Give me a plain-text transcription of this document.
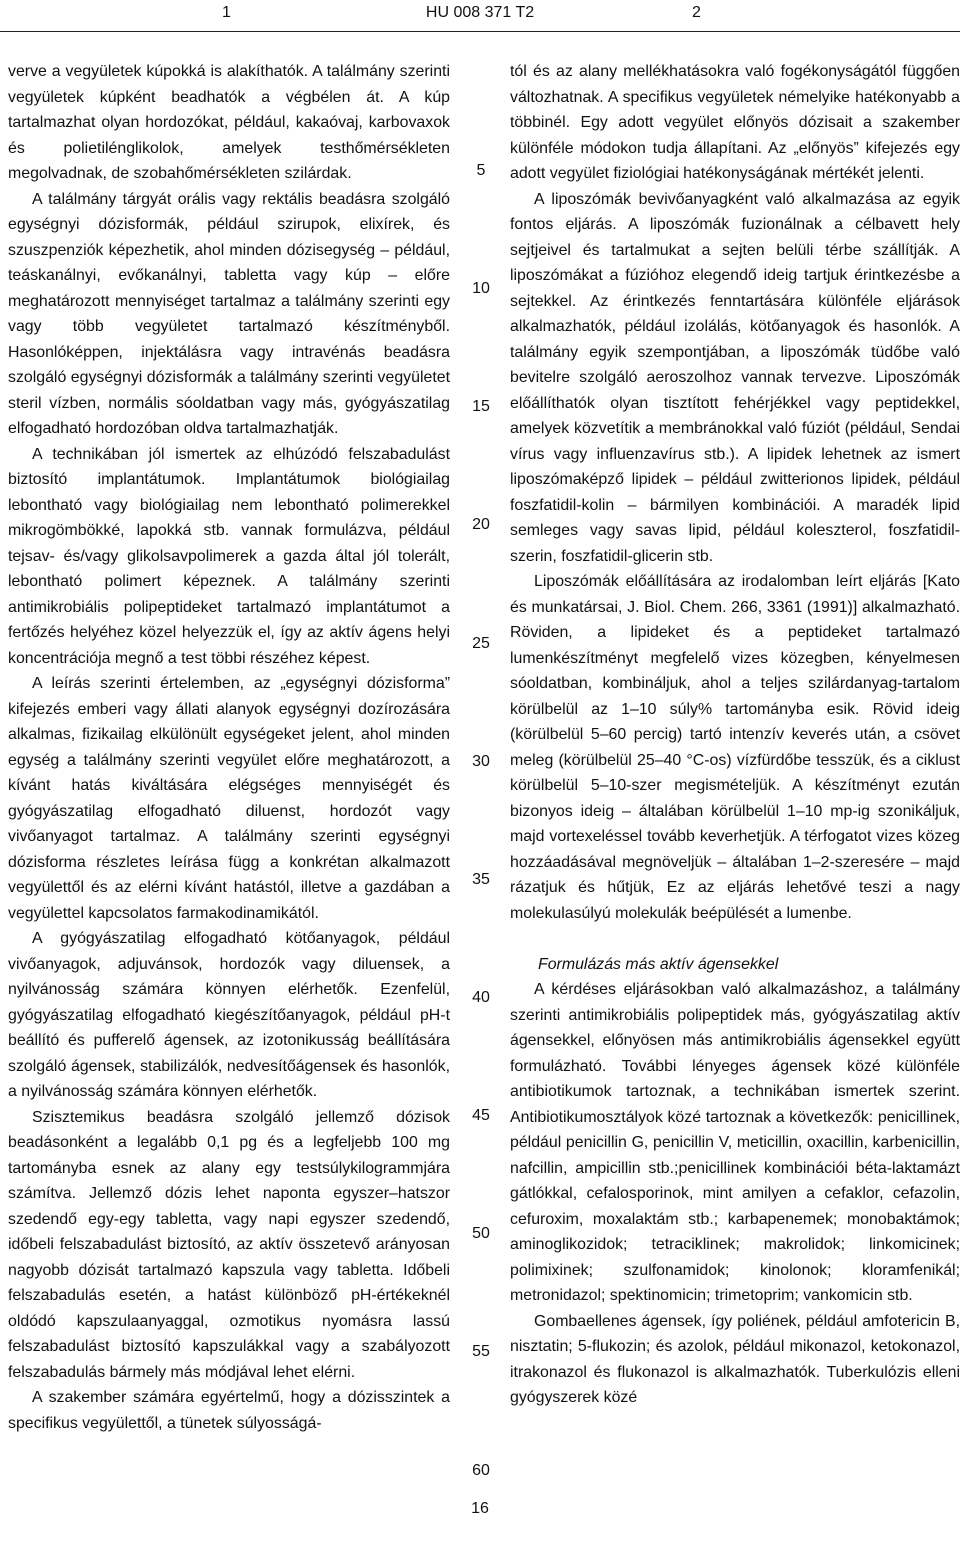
1	HU 008 371 T2	2

verve a vegyületek kúpokká is alakíthatók. A találmány szerinti vegyületek kúpként beadhatók a végbélen át. A kúp tartalmazhat olyan hordozókat, például, kakaóvaj, karbovaxok és polietilénglikolok, amelyek testhőmérsékleten megolvadnak, de szobahőmérsékleten szilárdak.

A találmány tárgyát orális vagy rektális beadásra szolgáló egységnyi dózisformák, például szirupok, elixírek, és szuszpenziók képezhetik, ahol minden dózisegység – például, teáskanálnyi, evőkanálnyi, tabletta vagy kúp – előre meghatározott mennyiséget tartalmaz a találmány szerinti egy vagy több vegyületet tartalmazó készítményből. Hasonlóképpen, injektálásra vagy intravénás beadásra szolgáló egységnyi dózisformák a találmány szerinti vegyületet steril vízben, normális sóoldatban vagy más, gyógyászatilag elfogadható hordozóban oldva tartalmazhatják.

A technikában jól ismertek az elhúzódó felszabadulást biztosító implantátumok. Implantátumok biológiailag lebontható vagy biológiailag nem lebontható polimerekkel mikrogömbökké, lapokká stb. vannak formulázva, például tejsav- és/vagy glikolsavpolimerek a gazda által jól tolerált, lebontható polimert képeznek. A találmány szerinti antimikrobiális polipeptideket tartalmazó implantátumot a fertőzés helyéhez közel helyezzük el, így az aktív ágens helyi koncentrációja megnő a test többi részéhez képest.

A leírás szerinti értelemben, az „egységnyi dózisforma” kifejezés emberi vagy állati alanyok egységnyi dozírozására alkalmas, fizikailag elkülönült egységeket jelent, ahol minden egység a találmány szerinti vegyület előre meghatározott, a kívánt hatás kiváltására elégséges mennyiségét és gyógyászatilag elfogadható diluenst, hordozót vagy vivőanyagot tartalmaz. A találmány szerinti egységnyi dózisforma részletes leírása függ a konkrétan alkalmazott vegyülettől és az elérni kívánt hatástól, illetve a gazdában a vegyülettel kapcsolatos farmakodinamikától.

A gyógyászatilag elfogadható kötőanyagok, például vivőanyagok, adjuvánsok, hordozók vagy diluensek, a nyilvánosság számára könnyen elérhetők. Ezenfelül, gyógyászatilag elfogadható kiegészítőanyagok, például pH-t beállító és pufferelő ágensek, az izotonikusság beállítására szolgáló ágensek, stabilizálók, nedvesítőágensek és hasonlók, a nyilvánosság számára könnyen elérhetők.

Szisztemikus beadásra szolgáló jellemző dózisok beadásonként a legalább 0,1 pg és a legfeljebb 100 mg tartományba esnek az alany egy testsúlykilogrammjára számítva. Jellemző dózis lehet naponta egyszer–hatszor szedendő egy-egy tabletta, vagy napi egyszer szedendő, időbeli felszabadulást biztosító, az aktív összetevő arányosan nagyobb dózisát tartalmazó kapszula vagy tabletta. Időbeli felszabadulás esetén, a hatást különböző pH-értékeknél oldódó kapszulaanyaggal, ozmotikus nyomásra lassú felszabadulást biztosító kapszulákkal vagy a szabályozott felszabadulás bármely más módjával lehet elérni.

A szakember számára egyértelmű, hogy a dózisszintek a specifikus vegyülettől, a tünetek súlyosságá-

5
10
15
20
25
30
35
40
45
50
55
60

tól és az alany mellékhatásokra való fogékonyságától függően változhatnak. A specifikus vegyületek némelyike hatékonyabb a többinél. Egy adott vegyület előnyös dózisait a szakember különféle módokon tudja állapítani. Az „előnyös” kifejezés egy adott vegyület fiziológiai hatékonyságának mértékét jelenti.

A liposzómák bevivőanyagként való alkalmazása az egyik fontos eljárás. A liposzómák fuzionálnak a célbavett hely sejtjeivel és tartalmukat a sejten belüli térbe szállítják. A liposzómákat a fúzióhoz elegendő ideig tartjuk érintkezésbe a sejtekkel. Az érintkezés fenntartására különféle eljárások alkalmazhatók, például izolálás, kötőanyagok és hasonlók. A találmány egyik szempontjában, a liposzómák tüdőbe való bevitelre szolgáló aeroszolhoz vannak tervezve. Liposzómák előállíthatók olyan tisztított fehérjékkel vagy peptidekkel, amelyek közvetítik a membránokkal való fúziót (például, Sendai vírus vagy influenzavírus stb.). A lipidek lehetnek az ismert liposzómaképző lipidek – például zwitterionos lipidek, például foszfatidil-kolin – bármilyen kombinációi. A maradék lipid semleges vagy savas lipid, például koleszterol, foszfatidil-szerin, foszfatidil-glicerin stb.

Liposzómák előállítására az irodalomban leírt eljárás [Kato és munkatársai, J. Biol. Chem. 266, 3361 (1991)] alkalmazható. Röviden, a lipideket és a peptideket tartalmazó lumenkészítményt megfelelő vizes közegben, kényelmesen sóoldatban, kombináljuk, ahol a teljes szilárdanyag-tartalom körülbelül az 1–10 súly% tartományba esik. Rövid ideig (körülbelül 5–60 percig) tartó intenzív keverés után, a csövet meleg (körülbelül 25–40 °C-os) vízfürdőbe tesszük, és a ciklust körülbelül 5–10-szer megismételjük. A készítményt ezután bizonyos ideig – általában körülbelül 1–10 mp-ig szonikáljuk, majd vortexeléssel tovább keverhetjük. A térfogatot vizes közeg hozzáadásával megnöveljük – általában 1–2-szeresére – majd rázatjuk és hűtjük, Ez az eljárás lehetővé teszi a nagy molekulasúlyú molekulák beépülését a lumenbe.

Formulázás más aktív ágensekkel

A kérdéses eljárásokban való alkalmazáshoz, a találmány szerinti antimikrobiális polipeptidek más, gyógyászatilag aktív ágensekkel, előnyösen más antimikrobiális ágensekkel együtt formulázható. További lényeges ágensek közé különféle antibiotikumok tartoznak, a technikában ismertek szerint. Antibiotikumosztályok közé tartoznak a következők: penicillinek, például penicillin G, penicillin V, meticillin, oxacillin, karbenicillin, nafcillin, ampicillin stb.;penicillinek kombinációi béta-laktamázt gátlókkal, cefalosporinok, mint amilyen a cefaklor, cefazolin, cefuroxim, moxalaktám stb.; karbapenemek; monobaktámok; aminoglikozidok; tetraciklinek; makrolidok; linkomicinek; polimixinek; szulfonamidok; kinolonok; kloramfenikál; metronidazol; spektinomicin; trimetoprim; vankomicin stb.

Gombaellenes ágensek, így poliének, például amfotericin B, nisztatin; 5-flukozin; és azolok, például mikonazol, ketokonazol, itrakonazol és flukonazol is alkalmazhatók. Tuberkulózis elleni gyógyszerek közé

16
